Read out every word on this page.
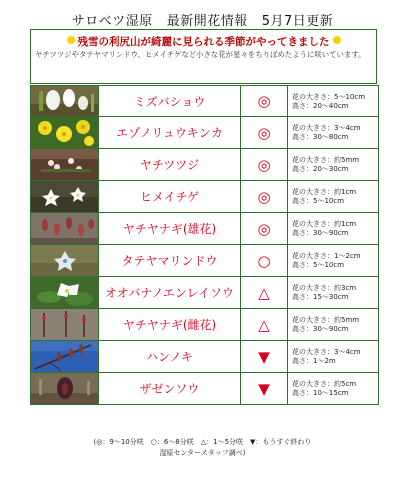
サロベツ湿原 最新開花情報 5月7日更新
残雪の利尻山が綺麗に見られる季節がやってきました
ヤチツツジやタテヤマリンドウ、ヒメイチゲなど小さな花が星々をちりばめたように咲いています。
ミズバショウ	◎	花の大きさ：5～10cm
高さ：20～40cm
エゾノリュウキンカ	◎	花の大きさ：3～4cm
高さ：30～80cm
ヤチツツジ	◎	花の大きさ：約5mm
高さ：20～30cm
ヒメイチゲ	◎	花の大きさ：約1cm
高さ：5～10cm
ヤチヤナギ(雄花)	◎	花の大きさ：約1cm
高さ：30～90cm
タテヤマリンドウ	○	花の大きさ：1～2cm
高さ：5～10cm
オオバナノエンレイソウ	△	花の大きさ：約3cm
高さ：15～30cm
ヤチヤナギ(雌花)	△	花の大きさ：約5mm
高さ：30～90cm
ハンノキ	▼	花の大きさ：3～4cm
高さ：1～2m
ザゼンソウ	▼	花の大きさ：約5cm
高さ：10～15cm
(◎：9～10分咲　○：6～8分咲　△：1～5分咲　▼：もうすぐ終わり
湿原センタースタッフ調べ)
